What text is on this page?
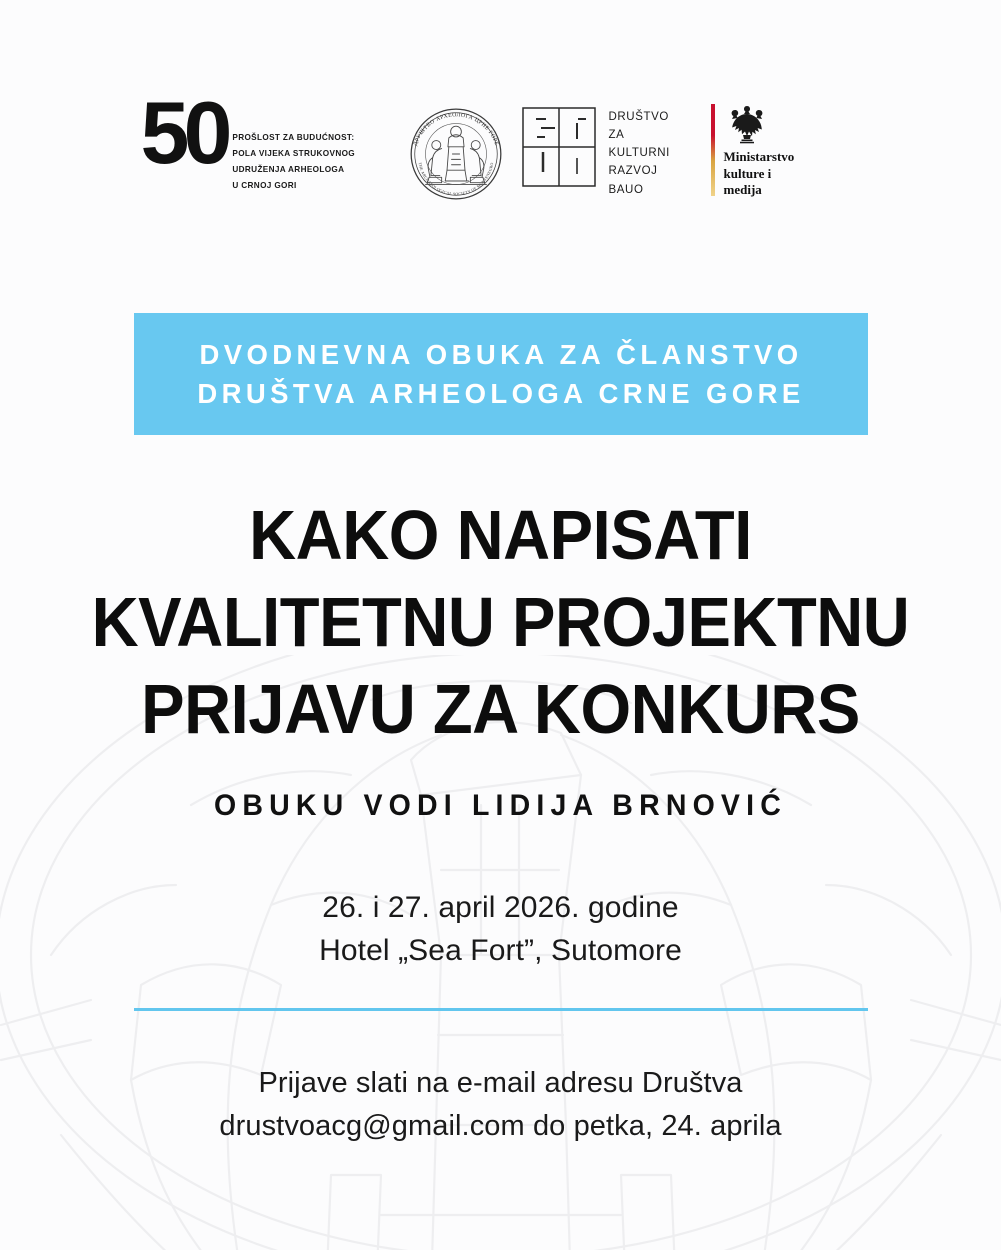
50 PROŠLOST ZA BUDUĆNOST:
POLA VIJEKA STRUKOVNOG
UDRUŽENJA ARHEOLOGA
U CRNOJ GORI
ДРУШТВО АРХЕОЛОГА ЦРНЕ ГОРЕ
THE ARCHAEOLOGICAL SOCIETY OF MONTENEGRO
DRUŠTVO
ZA
KULTURNI
RAZVOJ
BAUO
Ministarstvo
kulture i
medija
DVODNEVNA OBUKA ZA ČLANSTVO
DRUŠTVA ARHEOLOGA CRNE GORE
KAKO NAPISATI
KVALITETNU PROJEKTNU
PRIJAVU ZA KONKURS
OBUKU VODI LIDIJA BRNOVIĆ
26. i 27. april 2026. godine
Hotel „Sea Fort”, Sutomore
Prijave slati na e-mail adresu Društva
drustvoacg@gmail.com do petka, 24. aprila
